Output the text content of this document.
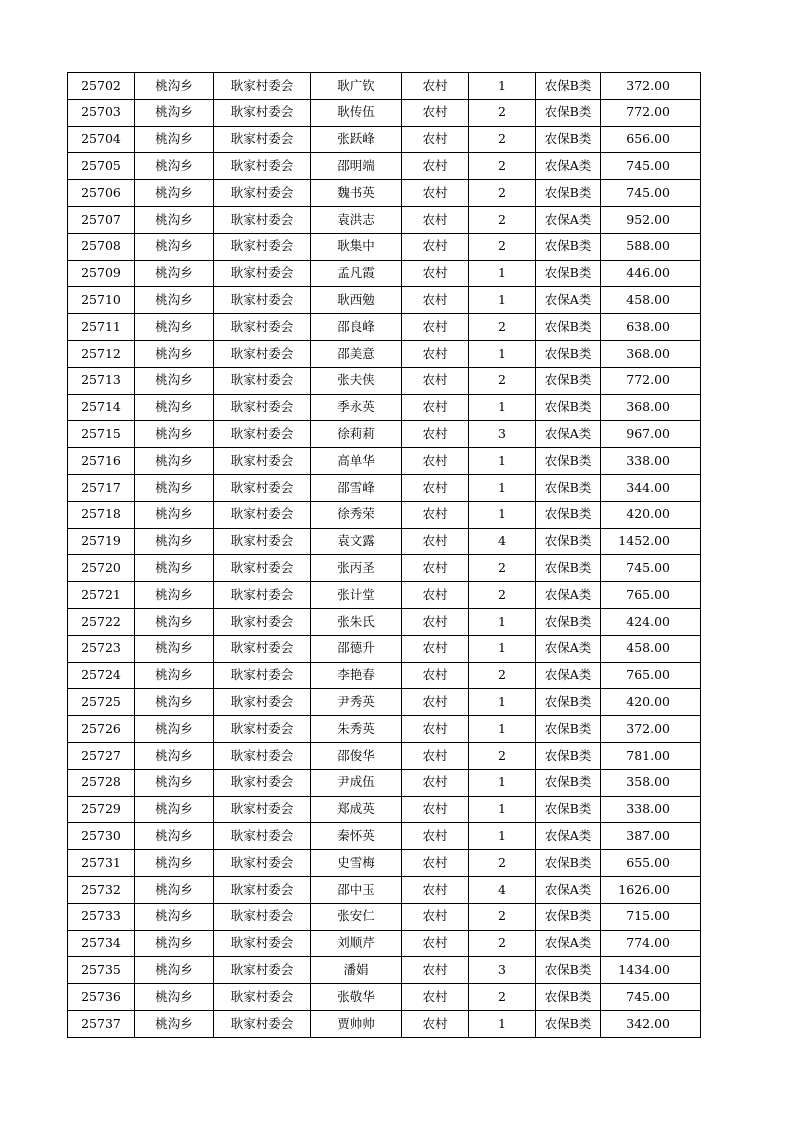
25702	桃沟乡	耿家村委会	耿广钦	农村	1	农保B类	372.00
25703	桃沟乡	耿家村委会	耿传伍	农村	2	农保B类	772.00
25704	桃沟乡	耿家村委会	张跃峰	农村	2	农保B类	656.00
25705	桃沟乡	耿家村委会	邵明端	农村	2	农保A类	745.00
25706	桃沟乡	耿家村委会	魏书英	农村	2	农保B类	745.00
25707	桃沟乡	耿家村委会	袁洪志	农村	2	农保A类	952.00
25708	桃沟乡	耿家村委会	耿集中	农村	2	农保B类	588.00
25709	桃沟乡	耿家村委会	孟凡霞	农村	1	农保B类	446.00
25710	桃沟乡	耿家村委会	耿西勉	农村	1	农保A类	458.00
25711	桃沟乡	耿家村委会	邵良峰	农村	2	农保B类	638.00
25712	桃沟乡	耿家村委会	邵美意	农村	1	农保B类	368.00
25713	桃沟乡	耿家村委会	张夫侠	农村	2	农保B类	772.00
25714	桃沟乡	耿家村委会	季永英	农村	1	农保B类	368.00
25715	桃沟乡	耿家村委会	徐莉莉	农村	3	农保A类	967.00
25716	桃沟乡	耿家村委会	高单华	农村	1	农保B类	338.00
25717	桃沟乡	耿家村委会	邵雪峰	农村	1	农保B类	344.00
25718	桃沟乡	耿家村委会	徐秀荣	农村	1	农保B类	420.00
25719	桃沟乡	耿家村委会	袁文露	农村	4	农保B类	1452.00
25720	桃沟乡	耿家村委会	张丙圣	农村	2	农保B类	745.00
25721	桃沟乡	耿家村委会	张计堂	农村	2	农保A类	765.00
25722	桃沟乡	耿家村委会	张朱氏	农村	1	农保B类	424.00
25723	桃沟乡	耿家村委会	邵德升	农村	1	农保A类	458.00
25724	桃沟乡	耿家村委会	李艳春	农村	2	农保A类	765.00
25725	桃沟乡	耿家村委会	尹秀英	农村	1	农保B类	420.00
25726	桃沟乡	耿家村委会	朱秀英	农村	1	农保B类	372.00
25727	桃沟乡	耿家村委会	邵俊华	农村	2	农保B类	781.00
25728	桃沟乡	耿家村委会	尹成伍	农村	1	农保B类	358.00
25729	桃沟乡	耿家村委会	郑成英	农村	1	农保B类	338.00
25730	桃沟乡	耿家村委会	秦怀英	农村	1	农保A类	387.00
25731	桃沟乡	耿家村委会	史雪梅	农村	2	农保B类	655.00
25732	桃沟乡	耿家村委会	邵中玉	农村	4	农保A类	1626.00
25733	桃沟乡	耿家村委会	张安仁	农村	2	农保B类	715.00
25734	桃沟乡	耿家村委会	刘顺芹	农村	2	农保A类	774.00
25735	桃沟乡	耿家村委会	潘娟	农村	3	农保B类	1434.00
25736	桃沟乡	耿家村委会	张敬华	农村	2	农保B类	745.00
25737	桃沟乡	耿家村委会	贾帅帅	农村	1	农保B类	342.00
